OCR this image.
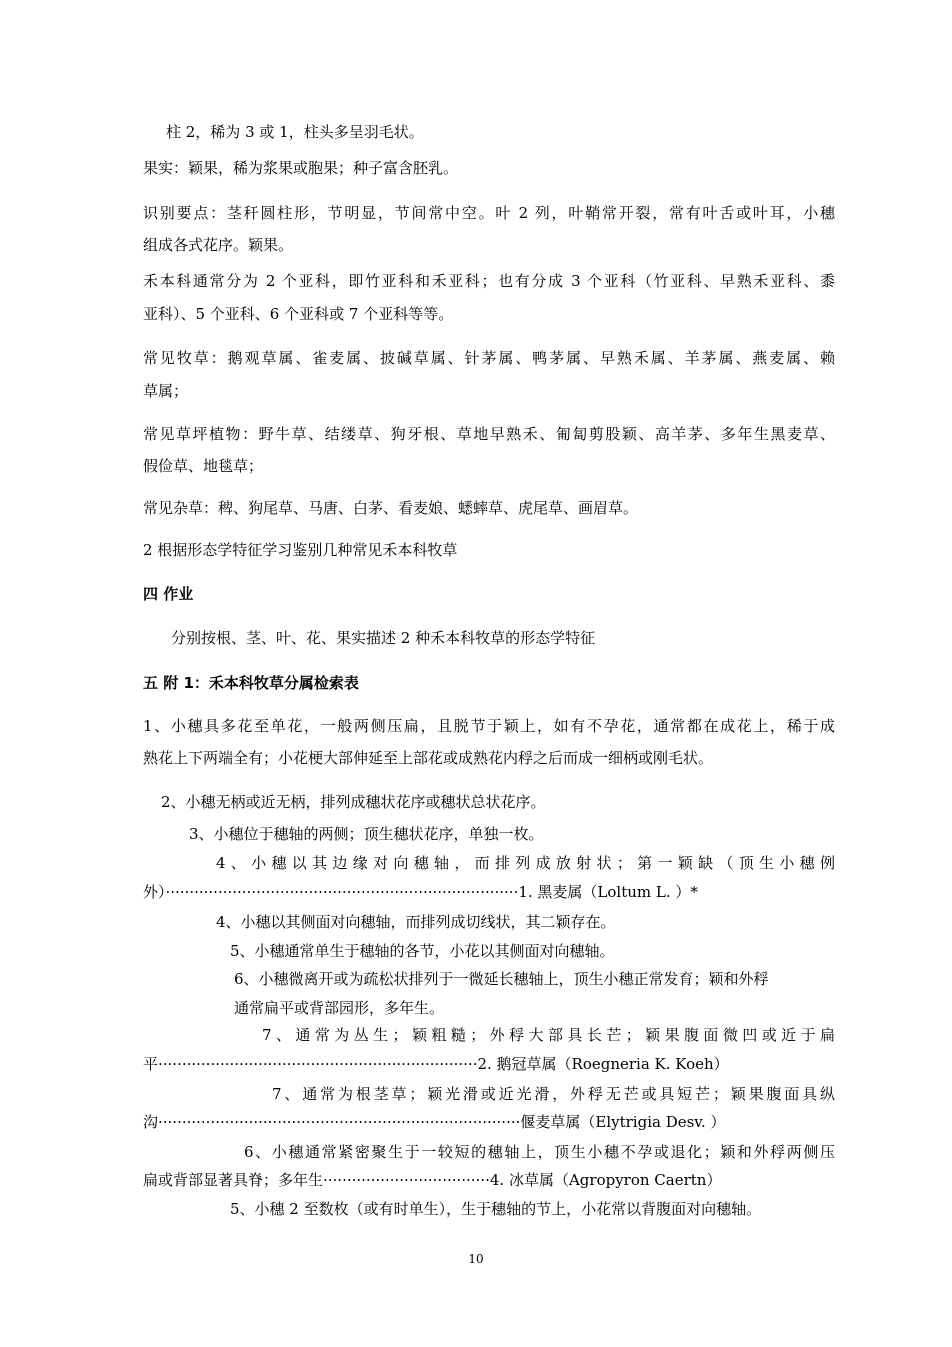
柱 2，稀为 3 或 1，柱头多呈羽毛状。
果实：颖果，稀为浆果或胞果；种子富含胚乳。
识别要点：茎秆圆柱形，节明显，节间常中空。叶 2 列，叶鞘常开裂，常有叶舌或叶耳，小穗
组成各式花序。颖果。
禾本科通常分为 2 个亚科，即竹亚科和禾亚科；也有分成 3 个亚科（竹亚科、早熟禾亚科、黍
亚科）、5 个亚科、6 个亚科或 7 个亚科等等。
常见牧草：鹅观草属、雀麦属、披碱草属、针茅属、鸭茅属、早熟禾属、羊茅属、燕麦属、赖
草属；
常见草坪植物：野牛草、结缕草、狗牙根、草地早熟禾、匍匐剪股颖、高羊茅、多年生黑麦草、
假俭草、地毯草；
常见杂草：稗、狗尾草、马唐、白茅、看麦娘、蟋蟀草、虎尾草、画眉草。
2 根据形态学特征学习鉴别几种常见禾本科牧草
四 作业
分别按根、茎、叶、花、果实描述 2 种禾本科牧草的形态学特征
五 附 1：禾本科牧草分属检索表
1、小穗具多花至单花，一般两侧压扁，且脱节于颖上，如有不孕花，通常都在成花上，稀于成
熟花上下两端全有；小花梗大部伸延至上部花或成熟花内稃之后而成一细柄或刚毛状。
2、小穗无柄或近无柄，排列成穗状花序或穗状总状花序。
3、小穗位于穗轴的两侧；顶生穗状花序，单独一枚。
4、小穗以其边缘对向穗轴，而排列成放射状；第一颖缺（顶生小穗例
外）··········································································1. 黑麦属（Loltum L. ）*
4、小穗以其侧面对向穗轴，而排列成切线状，其二颖存在。
5、小穗通常单生于穗轴的各节，小花以其侧面对向穗轴。
6、小穗微离开或为疏松状排列于一微延长穗轴上，顶生小穗正常发育；颖和外稃
通常扁平或背部园形，多年生。
7、通常为丛生；颖粗糙；外稃大部具长芒；颖果腹面微凹或近于扁
平···································································2. 鹅冠草属（Roegneria K. Koeh）
7、通常为根茎草；颖光滑或近光滑，外稃无芒或具短芒；颖果腹面具纵
沟············································································偃麦草属（Elytrigia Desv. ）
6、小穗通常紧密聚生于一较短的穗轴上，顶生小穗不孕或退化；颖和外稃两侧压
扁或背部显著具脊；多年生···································4. 冰草属（Agropyron Caertn）
5、小穗 2 至数枚（或有时单生），生于穗轴的节上，小花常以背腹面对向穗轴。
10
